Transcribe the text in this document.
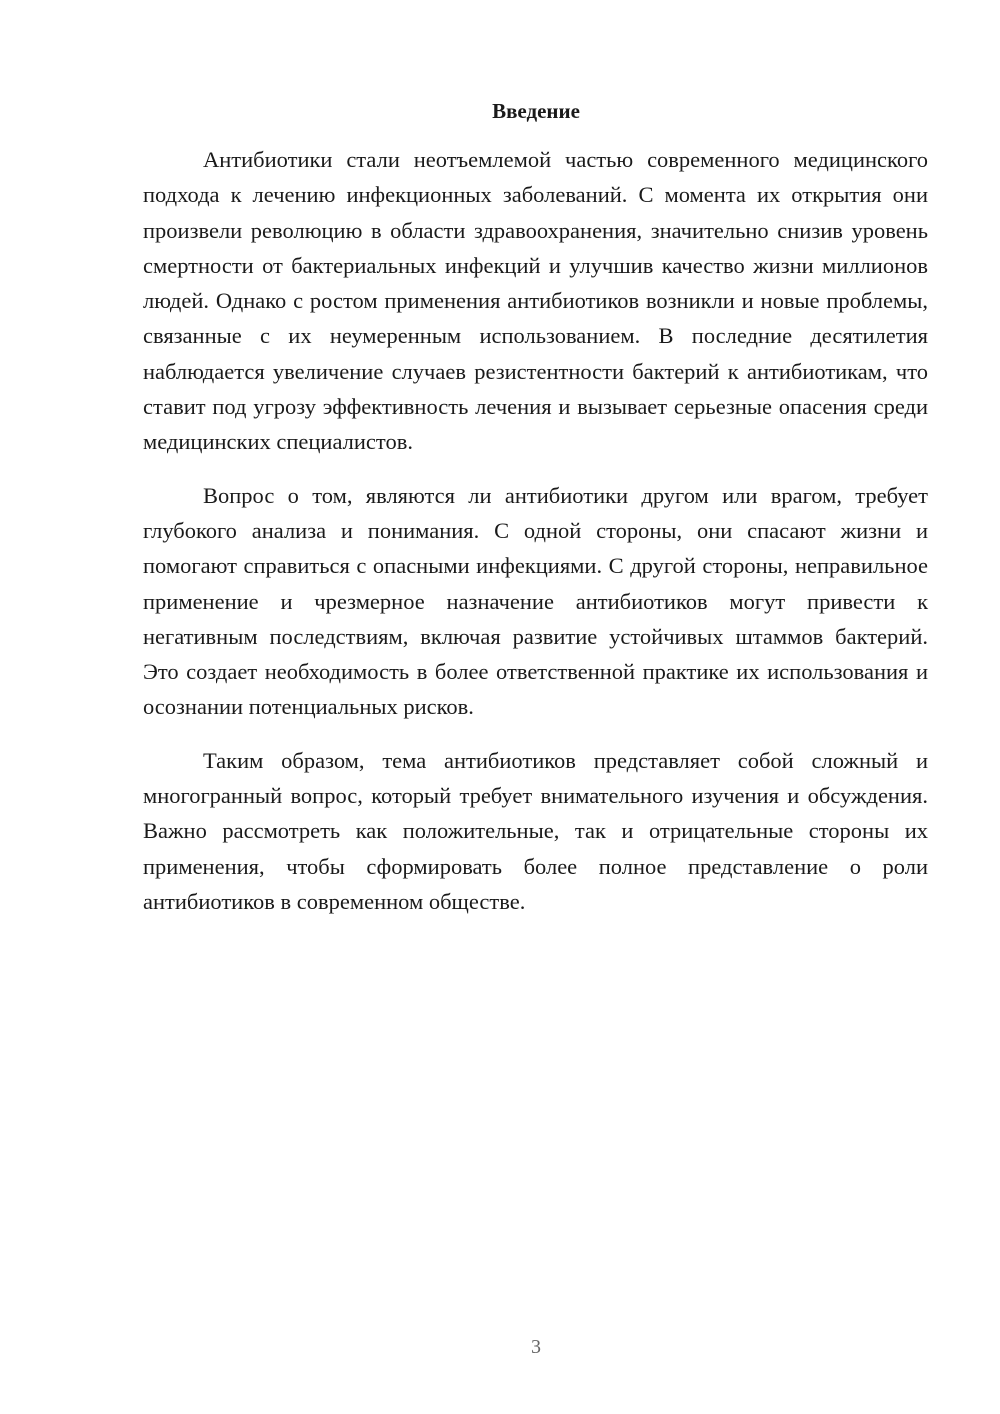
Введение

Антибиотики стали неотъемлемой частью современного медицинского подхода к лечению инфекционных заболеваний. С момента их открытия они произвели революцию в области здравоохранения, значительно снизив уровень смертности от бактериальных инфекций и улучшив качество жизни миллионов людей. Однако с ростом применения антибиотиков возникли и новые проблемы, связанные с их неумеренным использованием. В последние десятилетия наблюдается увеличение случаев резистентности бактерий к антибиотикам, что ставит под угрозу эффективность лечения и вызывает серьезные опасения среди медицинских специалистов.

Вопрос о том, являются ли антибиотики другом или врагом, требует глубокого анализа и понимания. С одной стороны, они спасают жизни и помогают справиться с опасными инфекциями. С другой стороны, неправильное применение и чрезмерное назначение антибиотиков могут привести к негативным последствиям, включая развитие устойчивых штаммов бактерий. Это создает необходимость в более ответственной практике их использования и осознании потенциальных рисков.

Таким образом, тема антибиотиков представляет собой сложный и многогранный вопрос, который требует внимательного изучения и обсуждения. Важно рассмотреть как положительные, так и отрицательные стороны их применения, чтобы сформировать более полное представление о роли антибиотиков в современном обществе.

3
